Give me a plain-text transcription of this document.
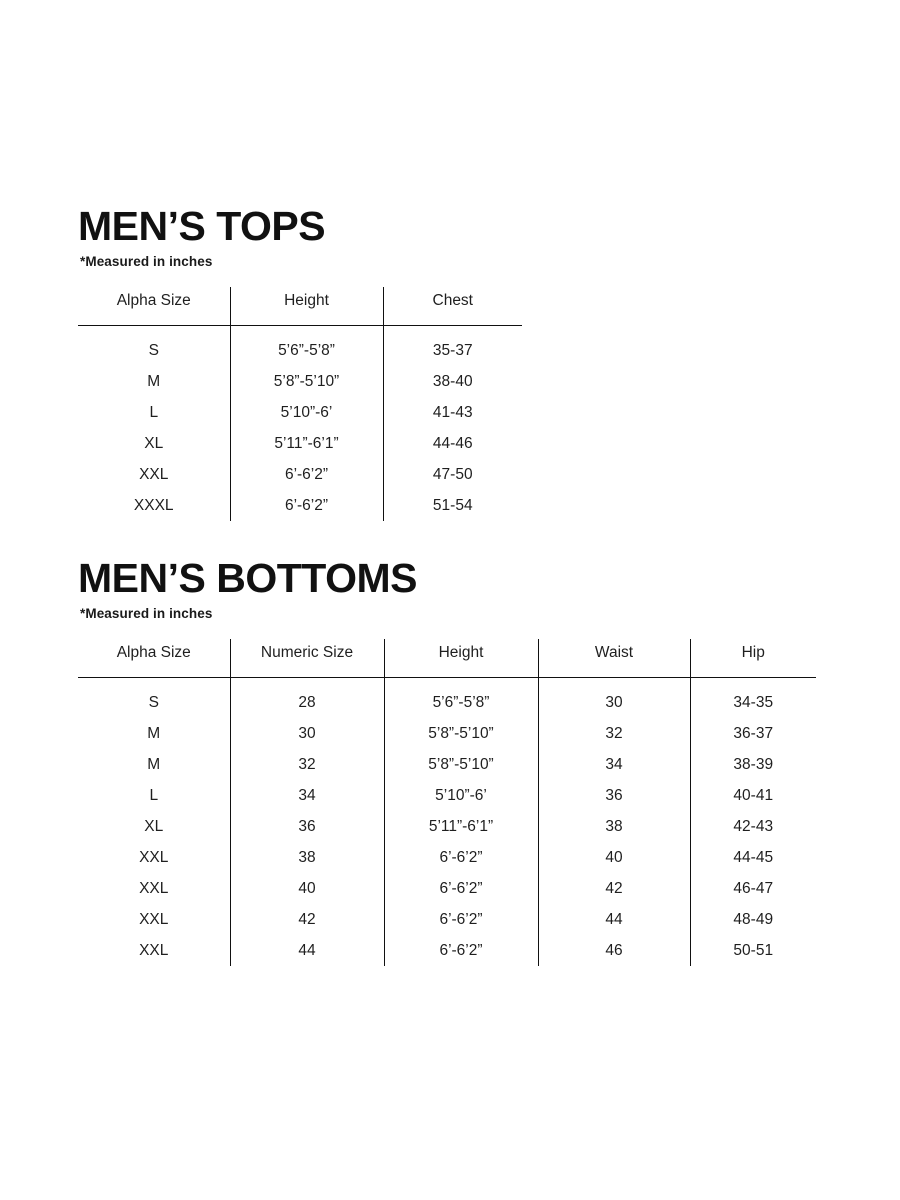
MEN’S TOPS
*Measured in inches
Alpha Size	Height	Chest
S	5’6”-5’8”	35-37
M	5’8”-5’10”	38-40
L	5’10”-6’	41-43
XL	5’11”-6’1”	44-46
XXL	6’-6’2”	47-50
XXXL	6’-6’2”	51-54
MEN’S BOTTOMS
*Measured in inches
Alpha Size	Numeric Size	Height	Waist	Hip
S	28	5’6”-5’8”	30	34-35
M	30	5’8”-5’10”	32	36-37
M	32	5’8”-5’10”	34	38-39
L	34	5’10”-6’	36	40-41
XL	36	5’11”-6’1”	38	42-43
XXL	38	6’-6’2”	40	44-45
XXL	40	6’-6’2”	42	46-47
XXL	42	6’-6’2”	44	48-49
XXL	44	6’-6’2”	46	50-51
